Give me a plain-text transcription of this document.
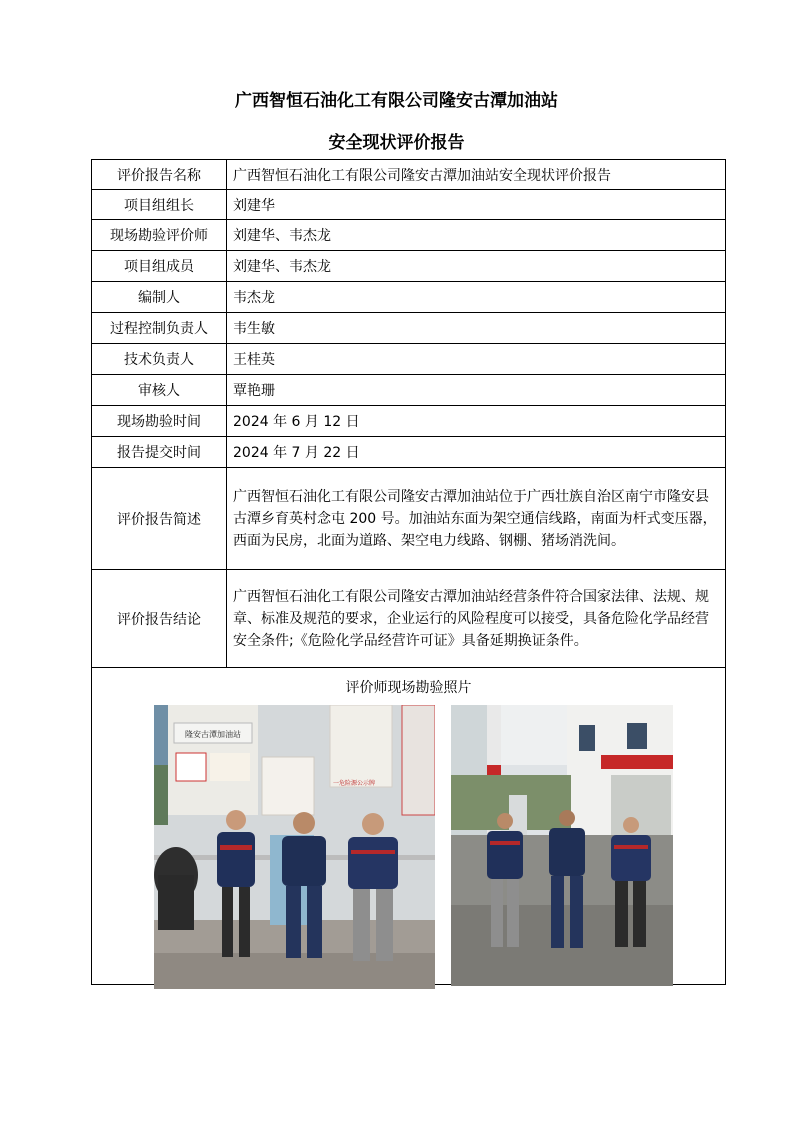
广西智恒石油化工有限公司隆安古潭加油站
安全现状评价报告
评价报告名称	广西智恒石油化工有限公司隆安古潭加油站安全现状评价报告
项目组组长	刘建华
现场勘验评价师	刘建华、韦杰龙
项目组成员	刘建华、韦杰龙
编制人	韦杰龙
过程控制负责人	韦生敏
技术负责人	王桂英
审核人	覃艳珊
现场勘验时间	2024 年 6 月 12 日
报告提交时间	2024 年 7 月 22 日
评价报告简述	广西智恒石油化工有限公司隆安古潭加油站位于广西壮族自治区南宁市隆安县古潭乡育英村念屯 200 号。加油站东面为架空通信线路，南面为杆式变压器，西面为民房，北面为道路、架空电力线路、钢棚、猪场消洗间。
评价报告结论	广西智恒石油化工有限公司隆安古潭加油站经营条件符合国家法律、法规、规章、标准及规范的要求，企业运行的风险程度可以接受，具备危险化学品经营安全条件;《危险化学品经营许可证》具备延期换证条件。

评价师现场勘验照片
隆安古潭加油站
一危险源公示牌	
